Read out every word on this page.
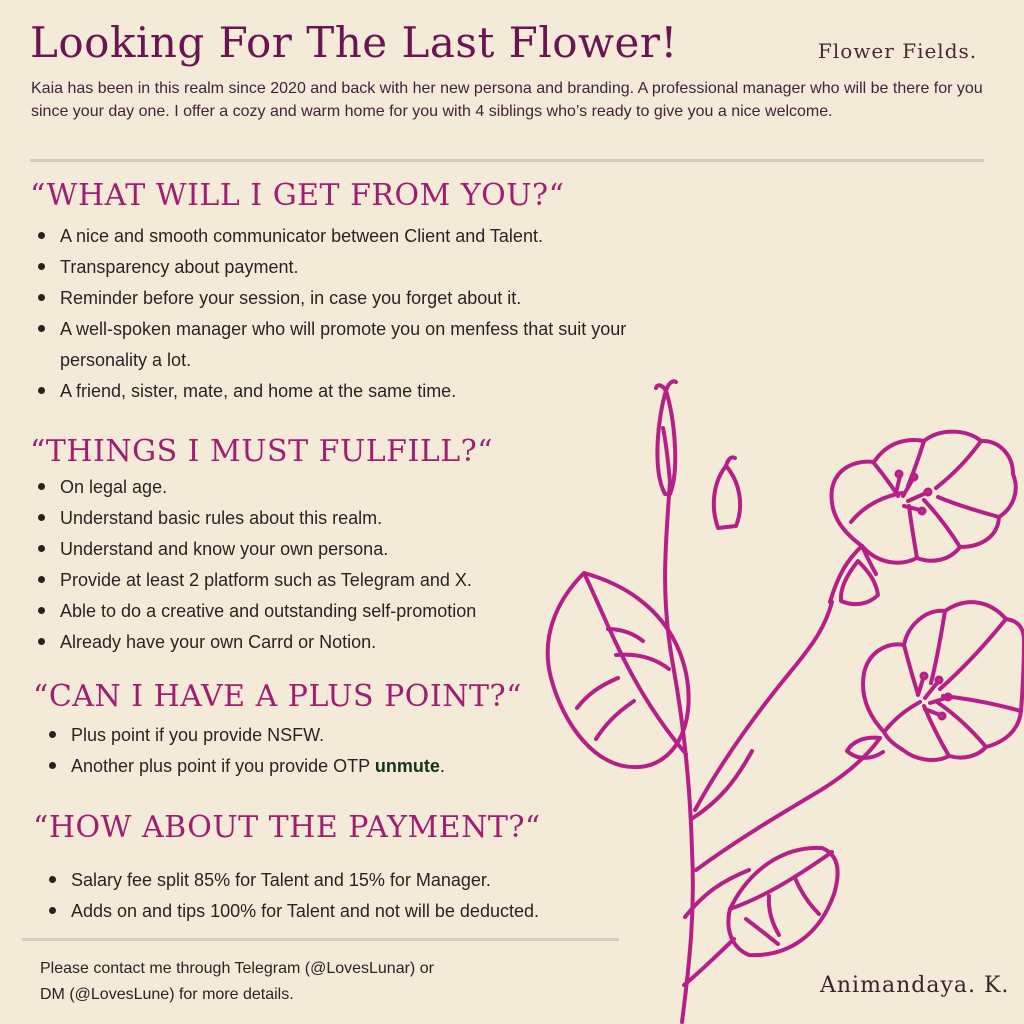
Looking For The Last Flower!	Flower Fields.
Kaia has been in this realm since 2020 and back with her new persona and branding. A professional manager who will be there for you since your day one. I offer a cozy and warm home for you with 4 siblings who’s ready to give you a nice welcome.
“WHAT WILL I GET FROM YOU?“
A nice and smooth communicator between Client and Talent.
Transparency about payment.
Reminder before your session, in case you forget about it.
A well-spoken manager who will promote you on menfess that suit your personality a lot.
A friend, sister, mate, and home at the same time.
“THINGS I MUST FULFILL?“
On legal age.
Understand basic rules about this realm.
Understand and know your own persona.
Provide at least 2 platform such as Telegram and X.
Able to do a creative and outstanding self-promotion
Already have your own Carrd or Notion.
“CAN I HAVE A PLUS POINT?“
Plus point if you provide NSFW.
Another plus point if you provide OTP unmute.
“HOW ABOUT THE PAYMENT?“
Salary fee split 85% for Talent and 15% for Manager.
Adds on and tips 100% for Talent and not will be deducted.
Please contact me through Telegram (@LovesLunar) or
DM (@LovesLune) for more details.	Animandaya. K.
